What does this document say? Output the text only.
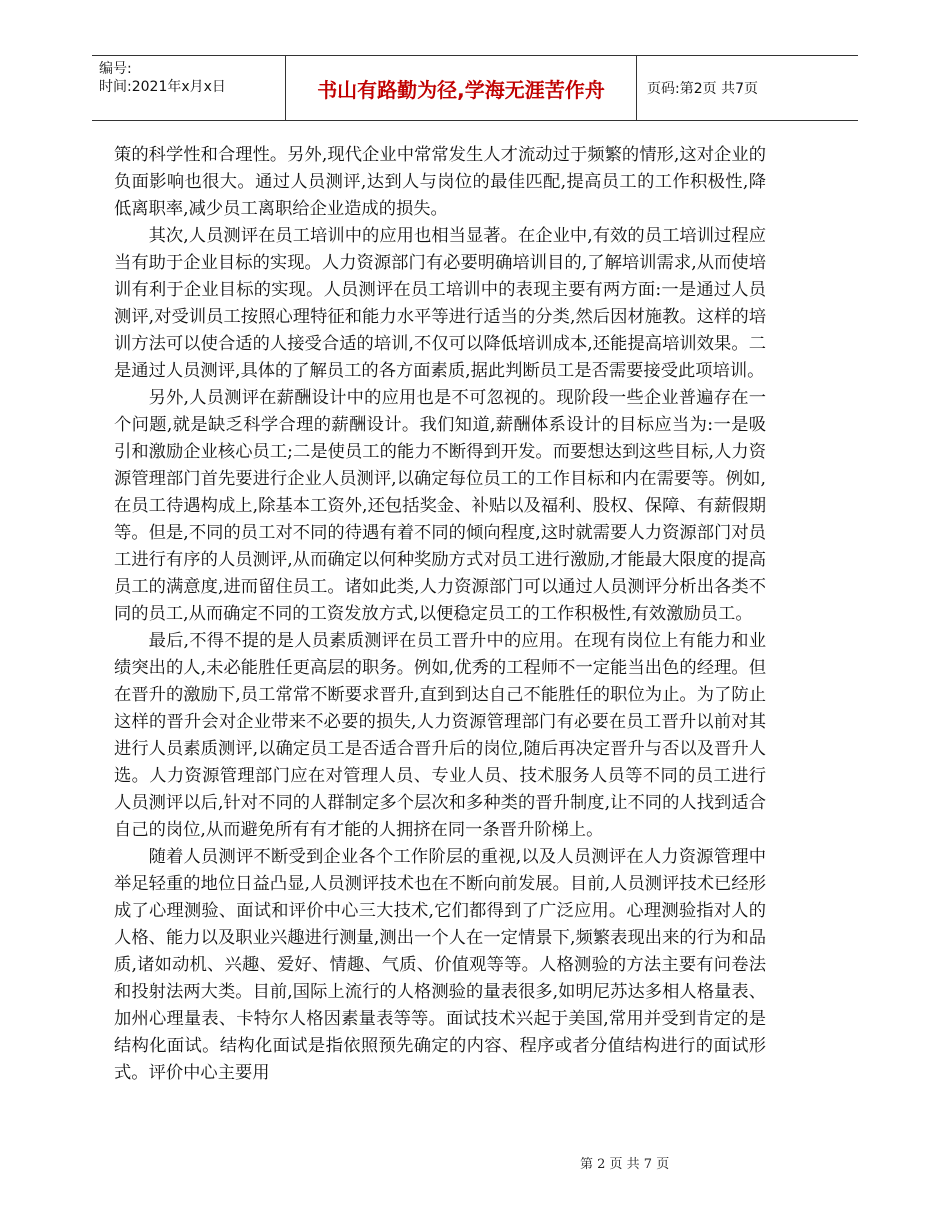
编号:
时间:2021年x月x日	书山有路勤为径,学海无涯苦作舟	页码:第2页 共7页

策的科学性和合理性。另外,现代企业中常常发生人才流动过于频繁的情形,这对企业的负面影响也很大。通过人员测评,达到人与岗位的最佳匹配,提高员工的工作积极性,降低离职率,减少员工离职给企业造成的损失。

其次,人员测评在员工培训中的应用也相当显著。在企业中,有效的员工培训过程应当有助于企业目标的实现。人力资源部门有必要明确培训目的,了解培训需求,从而使培训有利于企业目标的实现。人员测评在员工培训中的表现主要有两方面:一是通过人员测评,对受训员工按照心理特征和能力水平等进行适当的分类,然后因材施教。这样的培训方法可以使合适的人接受合适的培训,不仅可以降低培训成本,还能提高培训效果。二是通过人员测评,具体的了解员工的各方面素质,据此判断员工是否需要接受此项培训。

另外,人员测评在薪酬设计中的应用也是不可忽视的。现阶段一些企业普遍存在一个问题,就是缺乏科学合理的薪酬设计。我们知道,薪酬体系设计的目标应当为:一是吸引和激励企业核心员工;二是使员工的能力不断得到开发。而要想达到这些目标,人力资源管理部门首先要进行企业人员测评,以确定每位员工的工作目标和内在需要等。例如,在员工待遇构成上,除基本工资外,还包括奖金、补贴以及福利、股权、保障、有薪假期等。但是,不同的员工对不同的待遇有着不同的倾向程度,这时就需要人力资源部门对员工进行有序的人员测评,从而确定以何种奖励方式对员工进行激励,才能最大限度的提高员工的满意度,进而留住员工。诸如此类,人力资源部门可以通过人员测评分析出各类不同的员工,从而确定不同的工资发放方式,以便稳定员工的工作积极性,有效激励员工。

最后,不得不提的是人员素质测评在员工晋升中的应用。在现有岗位上有能力和业绩突出的人,未必能胜任更高层的职务。例如,优秀的工程师不一定能当出色的经理。但在晋升的激励下,员工常常不断要求晋升,直到到达自己不能胜任的职位为止。为了防止这样的晋升会对企业带来不必要的损失,人力资源管理部门有必要在员工晋升以前对其进行人员素质测评,以确定员工是否适合晋升后的岗位,随后再决定晋升与否以及晋升人选。人力资源管理部门应在对管理人员、专业人员、技术服务人员等不同的员工进行人员测评以后,针对不同的人群制定多个层次和多种类的晋升制度,让不同的人找到适合自己的岗位,从而避免所有有才能的人拥挤在同一条晋升阶梯上。

随着人员测评不断受到企业各个工作阶层的重视,以及人员测评在人力资源管理中举足轻重的地位日益凸显,人员测评技术也在不断向前发展。目前,人员测评技术已经形成了心理测验、面试和评价中心三大技术,它们都得到了广泛应用。心理测验指对人的人格、能力以及职业兴趣进行测量,测出一个人在一定情景下,频繁表现出来的行为和品质,诸如动机、兴趣、爱好、情趣、气质、价值观等等。人格测验的方法主要有问卷法和投射法两大类。目前,国际上流行的人格测验的量表很多,如明尼苏达多相人格量表、加州心理量表、卡特尔人格因素量表等等。面试技术兴起于美国,常用并受到肯定的是结构化面试。结构化面试是指依照预先确定的内容、程序或者分值结构进行的面试形式。评价中心主要用

第 2 页 共 7 页
